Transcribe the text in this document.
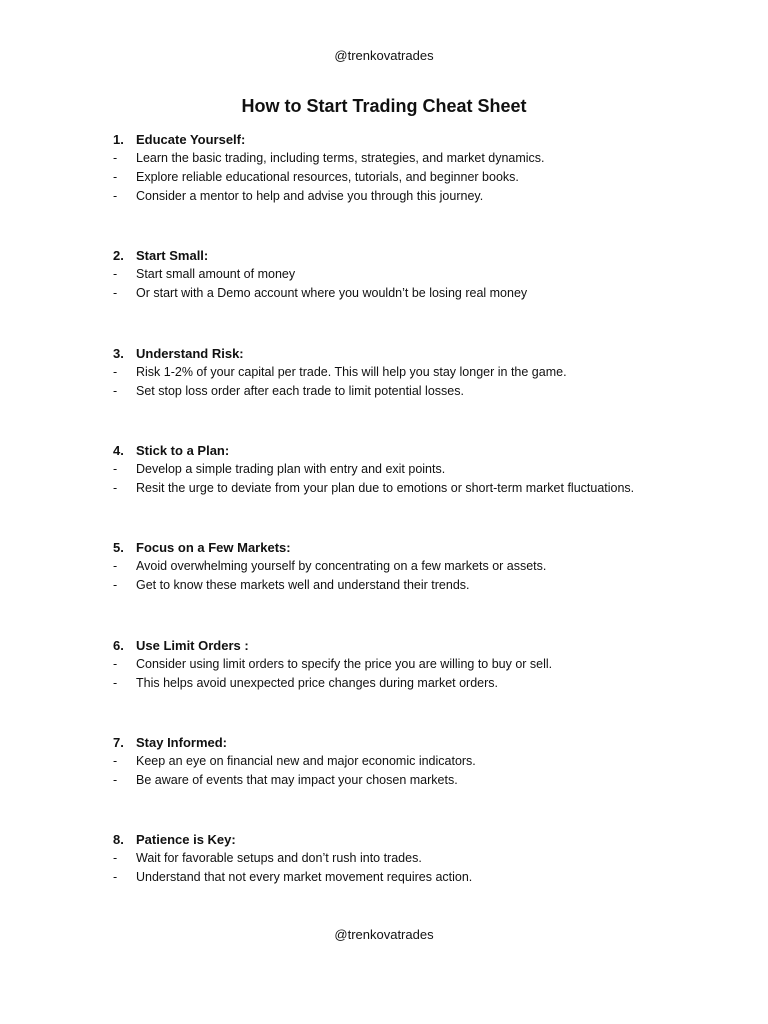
@trenkovatrades
How to Start Trading Cheat Sheet
1. Educate Yourself:
- Learn the basic trading, including terms, strategies, and market dynamics.
- Explore reliable educational resources, tutorials, and beginner books.
- Consider a mentor to help and advise you through this journey.
2. Start Small:
- Start small amount of money
- Or start with a Demo account where you wouldn’t be losing real money
3. Understand Risk:
- Risk 1-2% of your capital per trade. This will help you stay longer in the game.
- Set stop loss order after each trade to limit potential losses.
4. Stick to a Plan:
- Develop a simple trading plan with entry and exit points.
- Resit the urge to deviate from your plan due to emotions or short-term market fluctuations.
5. Focus on a Few Markets:
- Avoid overwhelming yourself by concentrating on a few markets or assets.
- Get to know these markets well and understand their trends.
6. Use Limit Orders :
- Consider using limit orders to specify the price you are willing to buy or sell.
- This helps avoid unexpected price changes during market orders.
7. Stay Informed:
- Keep an eye on financial new and major economic indicators.
- Be aware of events that may impact your chosen markets.
8. Patience is Key:
- Wait for favorable setups and don’t rush into trades.
- Understand that not every market movement requires action.
@trenkovatrades
